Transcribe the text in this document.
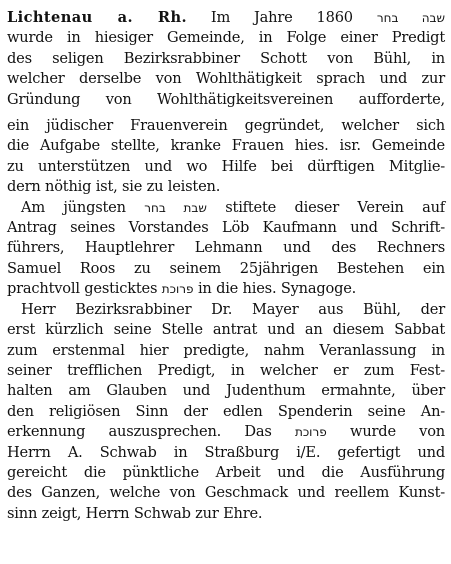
Lichtenau a. Rh. Im Jahre 1860 שבה בחר
wurde in hiesiger Gemeinde, in Folge einer Predigt
des seligen Bezirksrabbiner Schott von Bühl, in
welcher derselbe von Wohlthätigkeit sprach und zur
Gründung von Wohlthätigkeitsvereinen aufforderte,
ein jüdischer Frauenverein gegründet, welcher sich
die Aufgabe stellte, kranke Frauen hies. isr. Gemeinde
zu unterstützen und wo Hilfe bei dürftigen Mitglie-
dern nöthig ist, sie zu leisten.
Am jüngsten שבת בחר stiftete dieser Verein auf
Antrag seines Vorstandes Löb Kaufmann und Schrift-
führers, Hauptlehrer Lehmann und des Rechners
Samuel Roos zu seinem 25jährigen Bestehen ein
prachtvoll gesticktes פרוכת in die hies. Synagoge.
Herr Bezirksrabbiner Dr. Mayer aus Bühl, der
erst kürzlich seine Stelle antrat und an diesem Sabbat
zum erstenmal hier predigte, nahm Veranlassung in
seiner trefflichen Predigt, in welcher er zum Fest-
halten am Glauben und Judenthum ermahnte, über
den religiösen Sinn der edlen Spenderin seine An-
erkennung auszusprechen. Das פרוכת wurde von
Herrn A. Schwab in Straßburg i/E. gefertigt und
gereicht die pünktliche Arbeit und die Ausführung
des Ganzen, welche von Geschmack und reellem Kunst-
sinn zeigt, Herrn Schwab zur Ehre.
